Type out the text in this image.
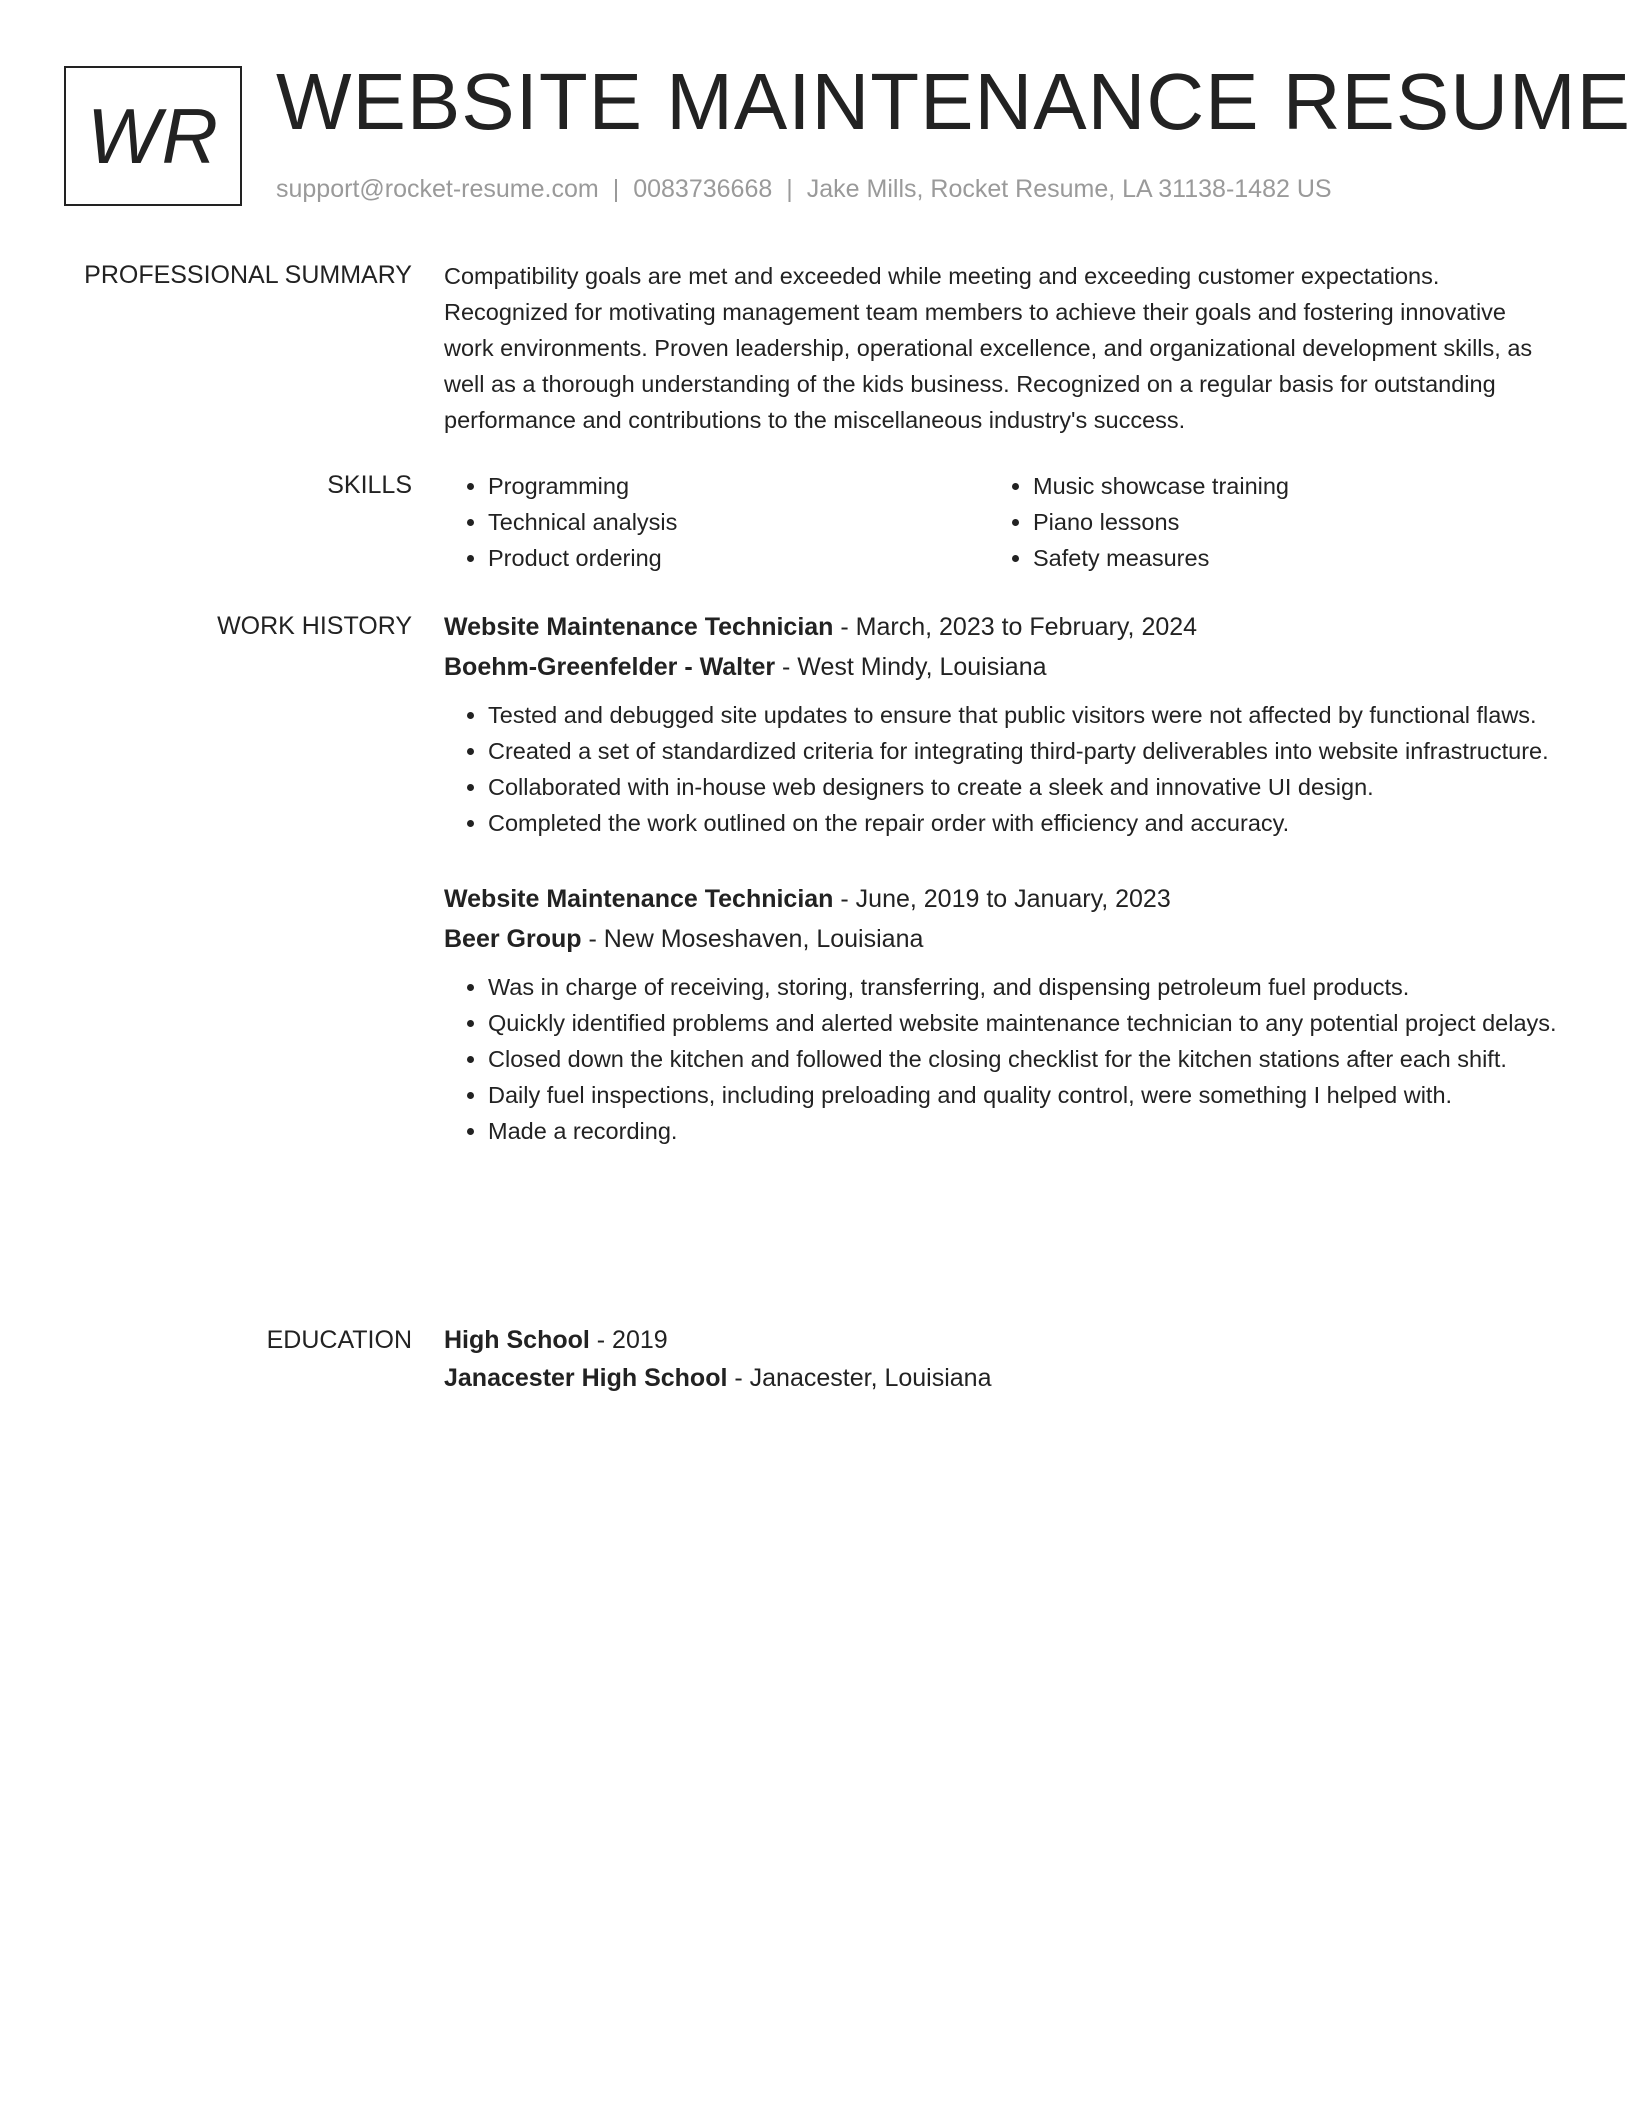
WR WEBSITE MAINTENANCE RESUME
support@rocket-resume.com | 0083736668 | Jake Mills, Rocket Resume, LA 31138-1482 US
PROFESSIONAL SUMMARY Compatibility goals are met and exceeded while meeting and exceeding customer expectations. Recognized for motivating management team members to achieve their goals and fostering innovative work environments. Proven leadership, operational excellence, and organizational development skills, as well as a thorough understanding of the kids business. Recognized on a regular basis for outstanding performance and contributions to the miscellaneous industry's success.

SKILLS
•	Programming
• Technical analysis
• Product ordering
• Music showcase training
• Piano lessons
• Safety measures
WORK HISTORY Website Maintenance Technician - March, 2023 to February, 2024
Boehm-Greenfelder - Walter - West Mindy, Louisiana
• Tested and debugged site updates to ensure that public visitors were not affected by functional flaws.
• Created a set of standardized criteria for integrating third-party deliverables into website infrastructure.
• Collaborated with in-house web designers to create a sleek and innovative UI design.
• Completed the work outlined on the repair order with efficiency and accuracy.
Website Maintenance Technician - June, 2019 to January, 2023
Beer Group - New Moseshaven, Louisiana
• Was in charge of receiving, storing, transferring, and dispensing petroleum fuel products.
• Quickly identified problems and alerted website maintenance technician to any potential project delays.
• Closed down the kitchen and followed the closing checklist for the kitchen stations after each shift.
• Daily fuel inspections, including preloading and quality control, were something I helped with.
• Made a recording.
EDUCATION High School - 2019
Janacester High School - Janacester, Louisiana
